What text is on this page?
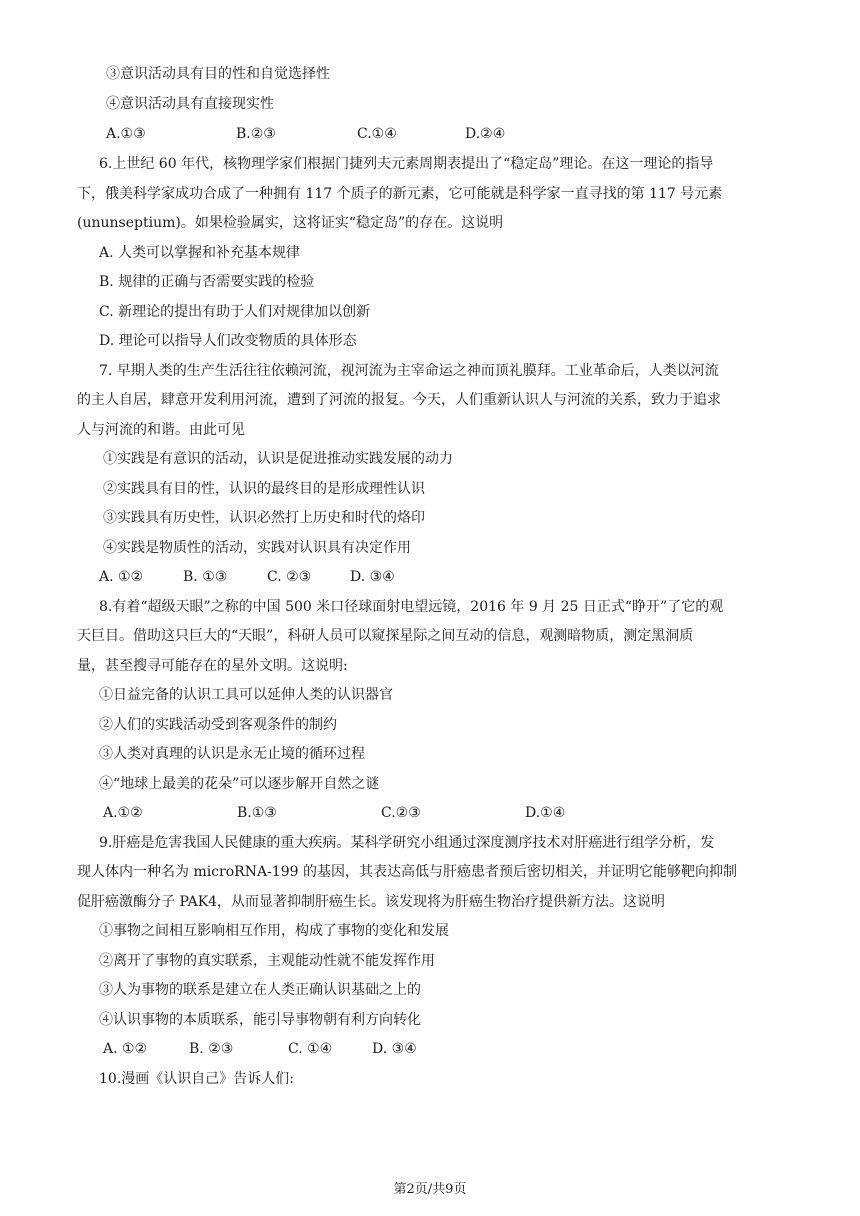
③意识活动具有目的性和自觉选择性
④意识活动具有直接现实性
A.①③	B.②③	C.①④	D.②④
6.上世纪 60 年代，核物理学家们根据门捷列夫元素周期表提出了“稳定岛”理论。在这一理论的指导
下，俄美科学家成功合成了一种拥有 117 个质子的新元素，它可能就是科学家一直寻找的第 117 号元素
(ununseptium)。如果检验属实，这将证实“稳定岛”的存在。这说明
A. 人类可以掌握和补充基本规律
B. 规律的正确与否需要实践的检验
C. 新理论的提出有助于人们对规律加以创新
D. 理论可以指导人们改变物质的具体形态
7. 早期人类的生产生活往往依赖河流，视河流为主宰命运之神而顶礼膜拜。工业革命后，人类以河流
的主人自居，肆意开发利用河流，遭到了河流的报复。今天，人们重新认识人与河流的关系，致力于追求
人与河流的和谐。由此可见
①实践是有意识的活动，认识是促进推动实践发展的动力
②实践具有目的性，认识的最终目的是形成理性认识
③实践具有历史性，认识必然打上历史和时代的烙印
④实践是物质性的活动，实践对认识具有决定作用
A. ①②	B. ①③	C. ②③	D. ③④
8.有着“超级天眼”之称的中国 500 米口径球面射电望远镜，2016 年 9 月 25 日正式“睁开”了它的观
天巨目。借助这只巨大的“天眼”，科研人员可以窥探星际之间互动的信息，观测暗物质，测定黑洞质
量，甚至搜寻可能存在的星外文明。这说明:
①日益完备的认识工具可以延伸人类的认识器官
②人们的实践活动受到客观条件的制约
③人类对真理的认识是永无止境的循环过程
④“地球上最美的花朵”可以逐步解开自然之谜
A.①②	B.①③	C.②③	D.①④
9.肝癌是危害我国人民健康的重大疾病。某科学研究小组通过深度测序技术对肝癌进行组学分析，发
现人体内一种名为 microRNA-199 的基因，其表达高低与肝癌患者预后密切相关，并证明它能够靶向抑制
促肝癌激酶分子 PAK4，从而显著抑制肝癌生长。该发现将为肝癌生物治疗提供新方法。这说明
①事物之间相互影响相互作用，构成了事物的变化和发展
②离开了事物的真实联系，主观能动性就不能发挥作用
③人为事物的联系是建立在人类正确认识基础之上的
④认识事物的本质联系，能引导事物朝有利方向转化
A. ①②	B. ②③	C. ①④	D. ③④
10.漫画《认识自己》告诉人们:
第2页/共9页
